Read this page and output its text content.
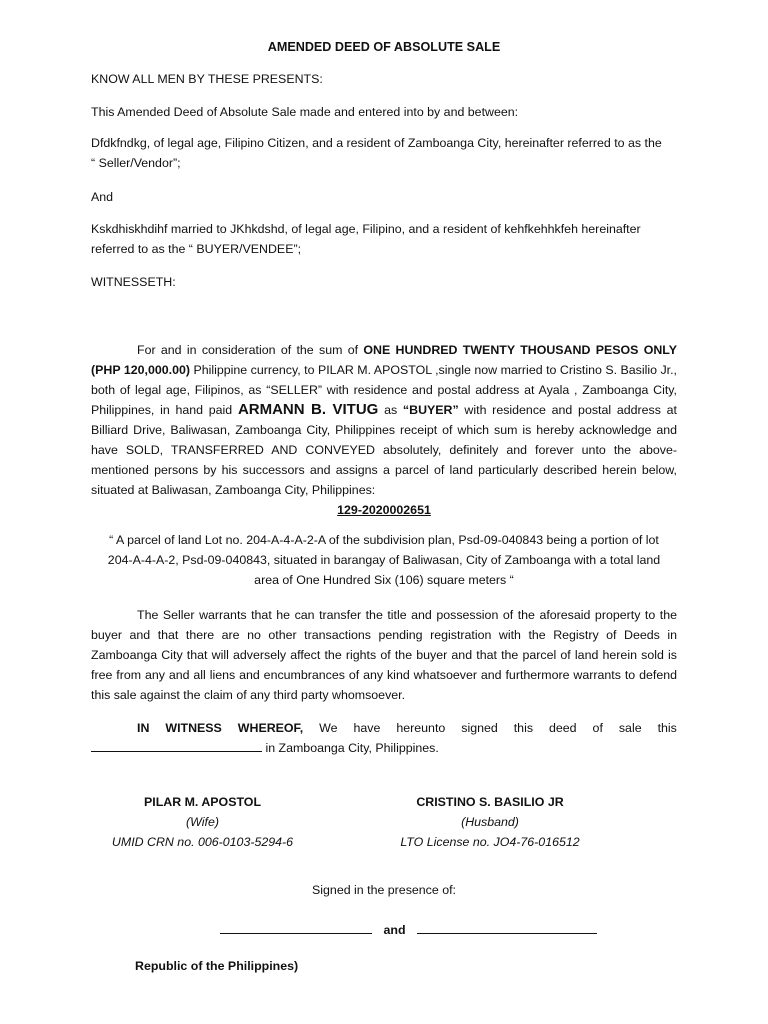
AMENDED DEED OF ABSOLUTE SALE
KNOW ALL MEN BY THESE PRESENTS:
This Amended Deed of Absolute Sale made and entered into by and between:
Dfdkfndkg, of legal age, Filipino Citizen, and a resident of Zamboanga City, hereinafter referred to as the
“ Seller/Vendor”;
And
Kskdhiskhdihf married to JKhkdshd, of legal age, Filipino, and a resident of kehfkehhkfeh hereinafter
referred to as the “ BUYER/VENDEE”;
WITNESSETH:
For and in consideration of the sum of ONE HUNDRED TWENTY THOUSAND PESOS ONLY (PHP 120,000.00) Philippine currency, to PILAR M. APOSTOL ,single now married to Cristino S. Basilio Jr., both of legal age, Filipinos, as “SELLER” with residence and postal address at Ayala , Zamboanga City, Philippines, in hand paid ARMANN B. VITUG as “BUYER” with residence and postal address at Billiard Drive, Baliwasan, Zamboanga City, Philippines receipt of which sum is hereby acknowledge and have SOLD, TRANSFERRED AND CONVEYED absolutely, definitely and forever unto the above-mentioned persons by his successors and assigns a parcel of land particularly described herein below, situated at Baliwasan, Zamboanga City, Philippines:
129-2020002651
“ A parcel of land Lot no. 204-A-4-A-2-A of the subdivision plan, Psd-09-040843 being a portion of lot
204-A-4-A-2, Psd-09-040843, situated in barangay of Baliwasan, City of Zamboanga with a total land
area of One Hundred Six (106) square meters “
The Seller warrants that he can transfer the title and possession of the aforesaid property to the buyer and that there are no other transactions pending registration with the Registry of Deeds in Zamboanga City that will adversely affect the rights of the buyer and that the parcel of land herein sold is free from any and all liens and encumbrances of any kind whatsoever and furthermore warrants to defend this sale against the claim of any third party whomsoever.
IN WITNESS WHEREOF, We have hereunto signed this deed of sale this
in Zamboanga City, Philippines.
PILAR M. APOSTOL
(Wife)
UMID CRN no. 006-0103-5294-6
CRISTINO S. BASILIO JR
(Husband)
LTO License no. JO4-76-016512
Signed in the presence of:
and
Republic of the Philippines)
